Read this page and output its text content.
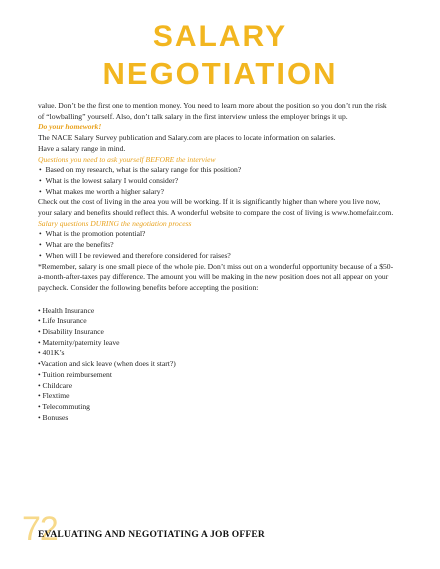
SALARY
NEGOTIATION

value. Don’t be the first one to mention money. You need to learn more about the position so you don’t run the risk of “lowballing” yourself. Also, don’t talk salary in the first interview unless the employer brings it up.

Do your homework!

The NACE Salary Survey publication and Salary.com are places to locate information on salaries.

Have a salary range in mind.

Questions you need to ask yourself BEFORE the interview

•  Based on my research, what is the salary range for this position?
•  What is the lowest salary I would consider?
•  What makes me worth a higher salary?

Check out the cost of living in the area you will be working. If it is significantly higher than where you live now, your salary and benefits should reflect this. A wonderful website to compare the cost of living is www.homefair.com.

Salary questions DURING the negotiation process

•  What is the promotion potential?
•  What are the benefits?
•  When will I be reviewed and therefore considered for raises?

*Remember, salary is one small piece of the whole pie. Don’t miss out on a wonderful opportunity because of a $50-a-month-after-taxes pay difference. The amount you will be making in the new position does not all appear on your paycheck. Consider the following benefits before accepting the position:

• Health Insurance
• Life Insurance
• Disability Insurance
• Maternity/paternity leave
• 401K’s
•Vacation and sick leave (when does it start?)
• Tuition reimbursement
• Childcare
• Flextime
• Telecommuting
• Bonuses
72
EVALUATING AND NEGOTIATING A JOB OFFER
